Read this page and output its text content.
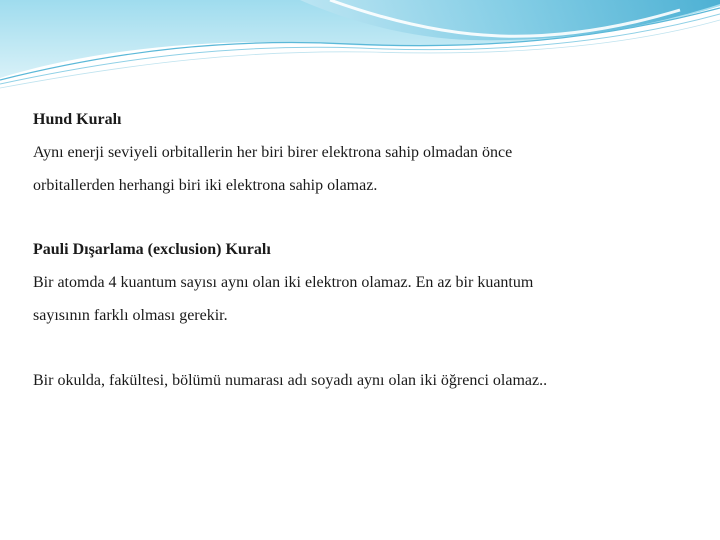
Hund Kuralı
Aynı enerji seviyeli orbitallerin her biri birer elektrona sahip olmadan önce
orbitallerden herhangi biri iki elektrona sahip olamaz.
Pauli Dışarlama (exclusion) Kuralı
Bir atomda 4 kuantum sayısı aynı olan iki elektron olamaz. En az bir kuantum
sayısının farklı olması gerekir.
Bir okulda, fakültesi, bölümü numarası adı soyadı aynı olan iki öğrenci olamaz..
